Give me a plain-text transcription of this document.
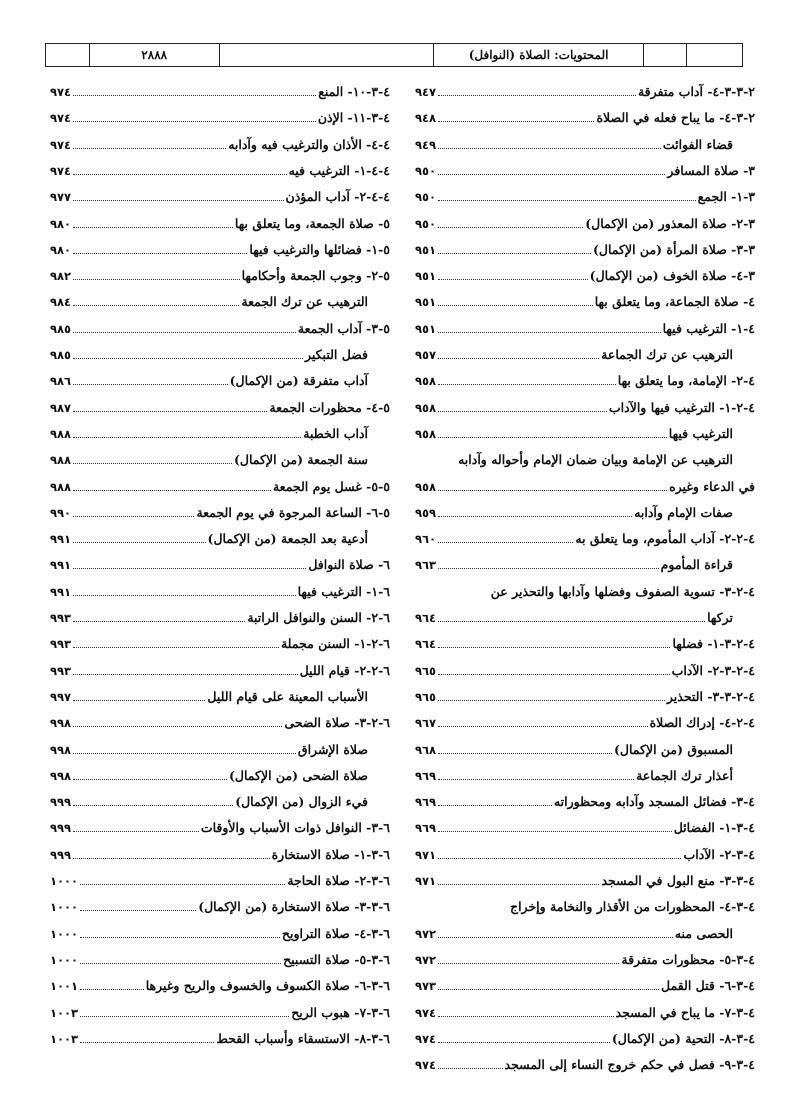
٢٨٨٨	المحتويات: الصلاة (النوافل)
٤-٣-١٠- المنع
٩٧٤
٤-٣-١١- الإذن
٩٧٤
٤-٤- الأذان والترغيب فيه وآدابه
٩٧٤
٤-٤-١- الترغيب فيه
٩٧٤
٤-٤-٢- آداب المؤذن
٩٧٧
٥- صلاة الجمعة، وما يتعلق بها
٩٨٠
٥-١- فضائلها والترغيب فيها
٩٨٠
٥-٢- وجوب الجمعة وأحكامها
٩٨٢
الترهيب عن ترك الجمعة
٩٨٤
٥-٣- آداب الجمعة
٩٨٥
فضل التبكير
٩٨٥
آداب متفرقة (من الإكمال)
٩٨٦
٥-٤- محظورات الجمعة
٩٨٧
آداب الخطبة
٩٨٨
سنة الجمعة (من الإكمال)
٩٨٨
٥-٥- غسل يوم الجمعة
٩٨٨
٥-٦- الساعة المرجوة في يوم الجمعة
٩٩٠
أدعية بعد الجمعة (من الإكمال)
٩٩١
٦- صلاة النوافل
٩٩١
٦-١- الترغيب فيها
٩٩١
٦-٢- السنن والنوافل الراتبة
٩٩٣
٦-٢-١- السنن مجملة
٩٩٣
٦-٢-٢- قيام الليل
٩٩٣
الأسباب المعينة على قيام الليل
٩٩٧
٦-٢-٣- صلاة الضحى
٩٩٨
صلاة الإشراق
٩٩٨
صلاة الضحى (من الإكمال)
٩٩٨
فيء الزوال (من الإكمال)
٩٩٩
٦-٣- النوافل ذوات الأسباب والأوقات
٩٩٩
٦-٣-١- صلاة الاستخارة
٩٩٩
٦-٣-٢- صلاة الحاجة
١٠٠٠
٦-٣-٣- صلاة الاستخارة (من الإكمال)
١٠٠٠
٦-٣-٤- صلاة التراويح
١٠٠٠
٦-٣-٥- صلاة التسبيح
١٠٠٠
٦-٣-٦- صلاة الكسوف والخسوف والريح وغيرها
١٠٠١
٦-٣-٧- هبوب الريح
١٠٠٣
٦-٣-٨- الاستسقاء وأسباب القحط
١٠٠٣
٢-٣-٣-٤- آداب متفرقة
٩٤٧
٢-٣-٤- ما يباح فعله في الصلاة
٩٤٨
قضاء الفوائت
٩٤٩
٣- صلاة المسافر
٩٥٠
٣-١- الجمع
٩٥٠
٣-٢- صلاة المعذور (من الإكمال)
٩٥٠
٣-٣- صلاة المرأة (من الإكمال)
٩٥١
٣-٤- صلاة الخوف (من الإكمال)
٩٥١
٤- صلاة الجماعة، وما يتعلق بها
٩٥١
٤-١- الترغيب فيها
٩٥١
الترهيب عن ترك الجماعة
٩٥٧
٤-٢- الإمامة، وما يتعلق بها
٩٥٨
٤-٢-١- الترغيب فيها والآداب
٩٥٨
الترغيب فيها
٩٥٨
الترهيب عن الإمامة وبيان ضمان الإمام وأحواله وآدابه
في الدعاء وغيره
٩٥٨
صفات الإمام وآدابه
٩٥٩
٤-٢-٢- آداب المأموم، وما يتعلق به
٩٦٠
قراءة المأموم
٩٦٣
٤-٢-٣- تسوية الصفوف وفضلها وآدابها والتحذير عن
تركها
٩٦٤
٤-٢-٣-١- فضلها
٩٦٤
٤-٢-٣-٢- الآداب
٩٦٥
٤-٢-٣-٣- التحذير
٩٦٥
٤-٢-٤- إدراك الصلاة
٩٦٧
المسبوق (من الإكمال)
٩٦٨
أعذار ترك الجماعة
٩٦٩
٤-٣- فضائل المسجد وآدابه ومحظوراته
٩٦٩
٤-٣-١- الفضائل
٩٦٩
٤-٣-٢- الآداب
٩٧١
٤-٣-٣- منع البول في المسجد
٩٧١
٤-٣-٤- المحظورات من الأقذار والنخامة وإخراج
الحصى منه
٩٧٢
٤-٣-٥- محظورات متفرقة
٩٧٢
٤-٣-٦- قتل القمل
٩٧٣
٤-٣-٧- ما يباح في المسجد
٩٧٤
٤-٣-٨- التحية (من الإكمال)
٩٧٤
٤-٣-٩- فصل في حكم خروج النساء إلى المسجد
٩٧٤
